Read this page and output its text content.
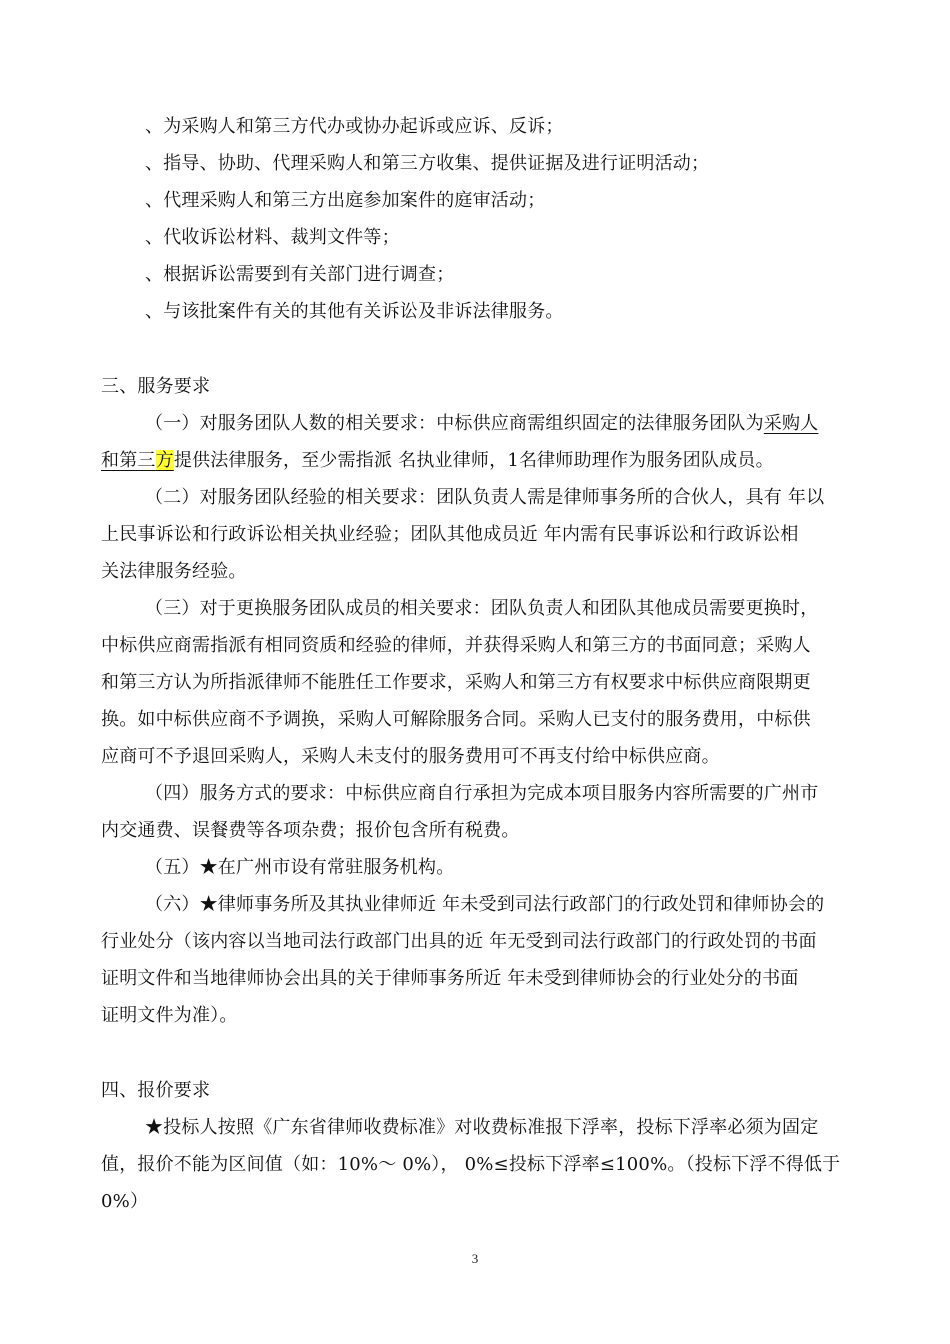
、为采购人和第三方代办或协办起诉或应诉、反诉；
、指导、协助、代理采购人和第三方收集、提供证据及进行证明活动；
、代理采购人和第三方出庭参加案件的庭审活动；
、代收诉讼材料、裁判文件等；
、根据诉讼需要到有关部门进行调查；
、与该批案件有关的其他有关诉讼及非诉法律服务。
三、服务要求
（一）对服务团队人数的相关要求：中标供应商需组织固定的法律服务团队为采购人
和第三方提供法律服务，至少需指派 名执业律师，1名律师助理作为服务团队成员。
（二）对服务团队经验的相关要求：团队负责人需是律师事务所的合伙人，具有 年以
上民事诉讼和行政诉讼相关执业经验；团队其他成员近 年内需有民事诉讼和行政诉讼相
关法律服务经验。
（三）对于更换服务团队成员的相关要求：团队负责人和团队其他成员需要更换时，
中标供应商需指派有相同资质和经验的律师，并获得采购人和第三方的书面同意；采购人
和第三方认为所指派律师不能胜任工作要求，采购人和第三方有权要求中标供应商限期更
换。如中标供应商不予调换，采购人可解除服务合同。采购人已支付的服务费用，中标供
应商可不予退回采购人，采购人未支付的服务费用可不再支付给中标供应商。
（四）服务方式的要求：中标供应商自行承担为完成本项目服务内容所需要的广州市
内交通费、误餐费等各项杂费；报价包含所有税费。
（五）★在广州市设有常驻服务机构。
（六）★律师事务所及其执业律师近 年未受到司法行政部门的行政处罚和律师协会的
行业处分（该内容以当地司法行政部门出具的近 年无受到司法行政部门的行政处罚的书面
证明文件和当地律师协会出具的关于律师事务所近 年未受到律师协会的行业处分的书面
证明文件为准）。
四、报价要求
★投标人按照《广东省律师收费标准》对收费标准报下浮率，投标下浮率必须为固定
值，报价不能为区间值（如：10%～ 0%）， 0%≤投标下浮率≤100%。（投标下浮不得低于
0%）
3
